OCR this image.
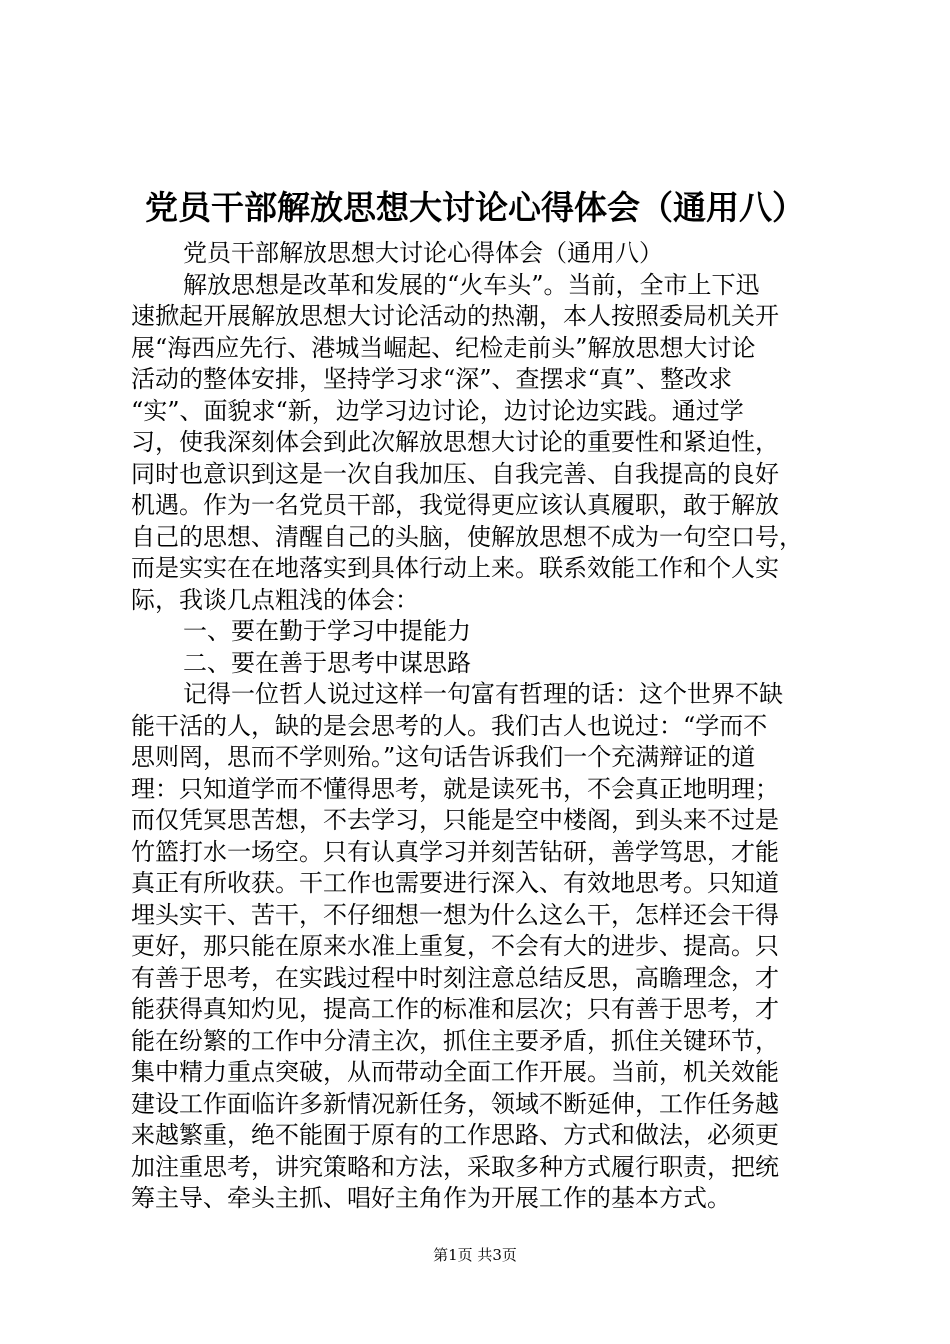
党员干部解放思想大讨论心得体会（通用八）
党员干部解放思想大讨论心得体会（通用八）
解放思想是改革和发展的“火车头”。当前，全市上下迅
速掀起开展解放思想大讨论活动的热潮，本人按照委局机关开
展“海西应先行、港城当崛起、纪检走前头”解放思想大讨论
活动的整体安排，坚持学习求“深”、查摆求“真”、整改求
“实”、面貌求“新，边学习边讨论，边讨论边实践。通过学
习，使我深刻体会到此次解放思想大讨论的重要性和紧迫性，
同时也意识到这是一次自我加压、自我完善、自我提高的良好
机遇。作为一名党员干部，我觉得更应该认真履职，敢于解放
自己的思想、清醒自己的头脑，使解放思想不成为一句空口号，
而是实实在在地落实到具体行动上来。联系效能工作和个人实
际，我谈几点粗浅的体会：
一、要在勤于学习中提能力
二、要在善于思考中谋思路
记得一位哲人说过这样一句富有哲理的话：这个世界不缺
能干活的人，缺的是会思考的人。我们古人也说过：“学而不
思则罔，思而不学则殆。”这句话告诉我们一个充满辩证的道
理：只知道学而不懂得思考，就是读死书，不会真正地明理；
而仅凭冥思苦想，不去学习，只能是空中楼阁，到头来不过是
竹篮打水一场空。只有认真学习并刻苦钻研，善学笃思，才能
真正有所收获。干工作也需要进行深入、有效地思考。只知道
埋头实干、苦干，不仔细想一想为什么这么干，怎样还会干得
更好，那只能在原来水准上重复，不会有大的进步、提高。只
有善于思考，在实践过程中时刻注意总结反思，高瞻理念，才
能获得真知灼见，提高工作的标准和层次；只有善于思考，才
能在纷繁的工作中分清主次，抓住主要矛盾，抓住关键环节，
集中精力重点突破，从而带动全面工作开展。当前，机关效能
建设工作面临许多新情况新任务，领域不断延伸，工作任务越
来越繁重，绝不能囿于原有的工作思路、方式和做法，必须更
加注重思考，讲究策略和方法，采取多种方式履行职责，把统
筹主导、牵头主抓、唱好主角作为开展工作的基本方式。
第1页 共3页
